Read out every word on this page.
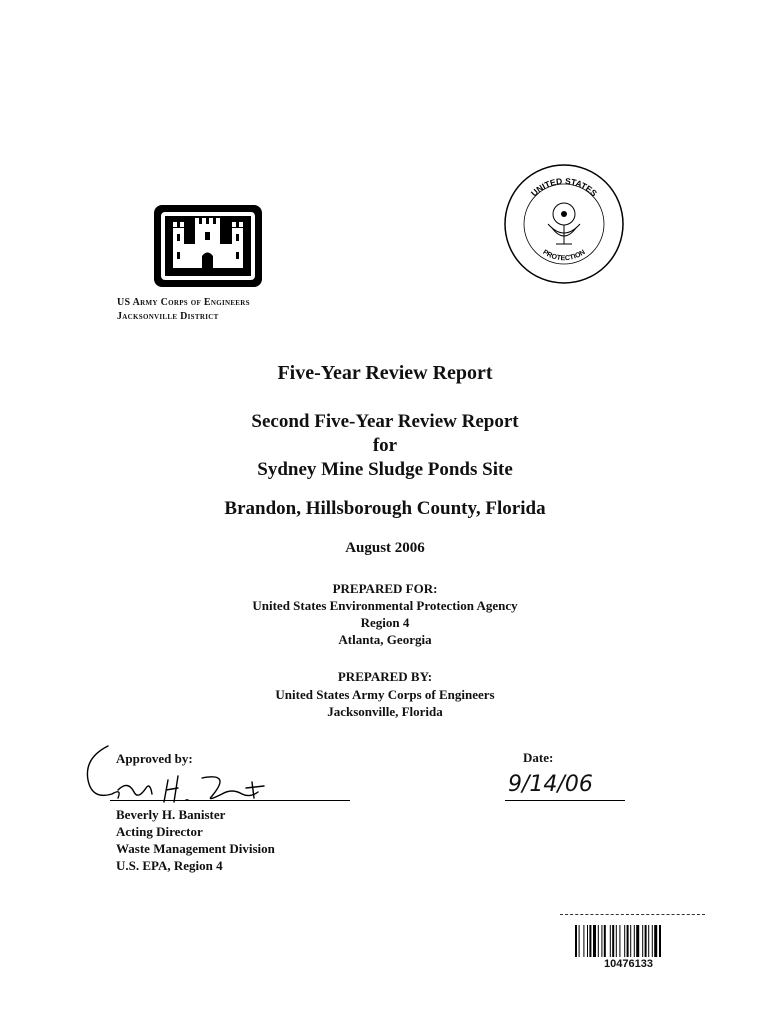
US Army Corps of Engineers
Jacksonville District
UNITED STATES
PROTECTION
Five-Year Review Report
Second Five-Year Review Report
for
Sydney Mine Sludge Ponds Site
Brandon, Hillsborough County, Florida
August 2006
PREPARED FOR:
United States Environmental Protection Agency
Region 4
Atlanta, Georgia
PREPARED BY:
United States Army Corps of Engineers
Jacksonville, Florida
Approved by:	Date:
9/14/06
Beverly H. Banister
Acting Director
Waste Management Division
U.S. EPA, Region 4
10476133
